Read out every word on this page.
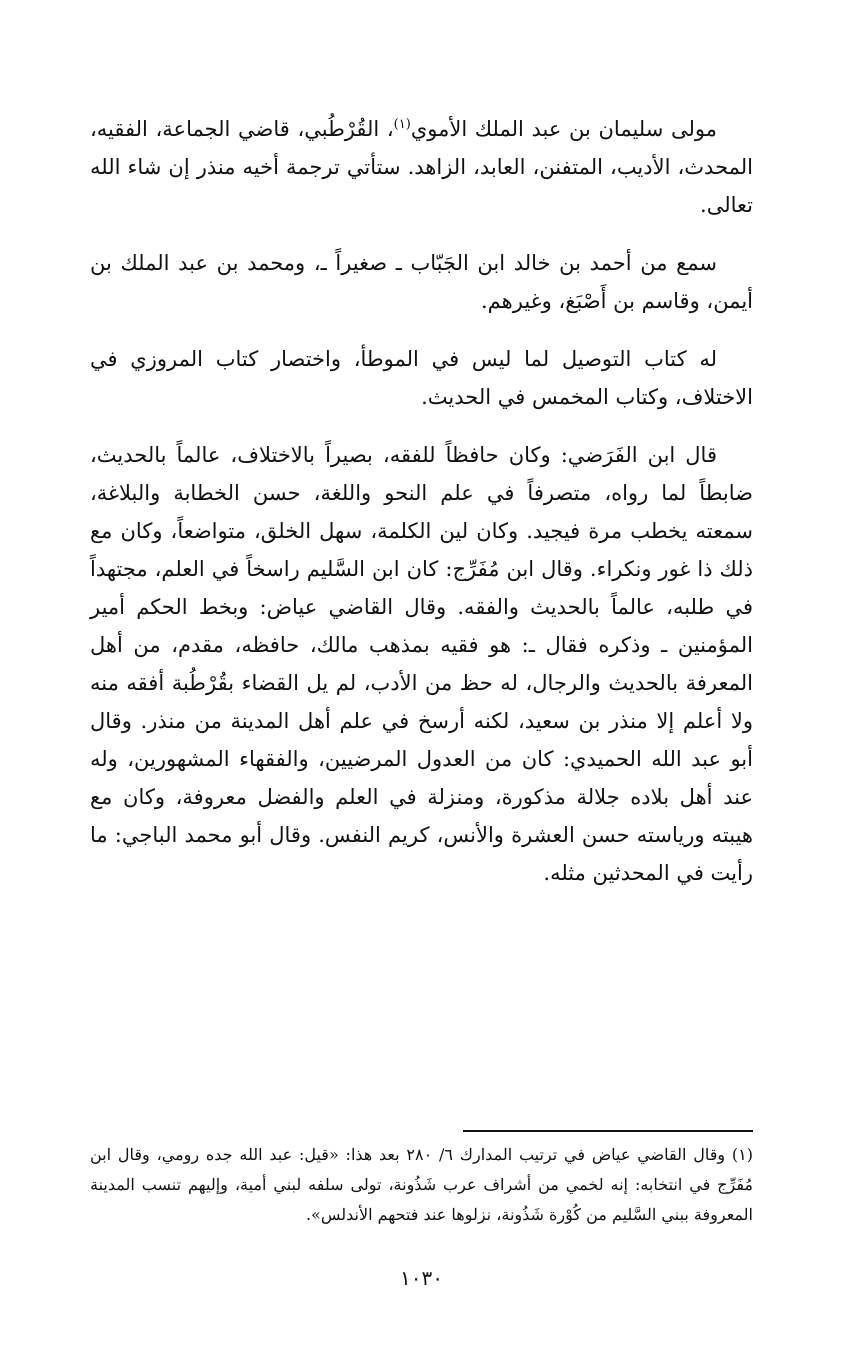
مولى سليمان بن عبد الملك الأموي$^{(١)}$، القُرْطُبي، قاضي الجماعة، الفقيه، المحدث، الأديب، المتفنن، العابد، الزاهد. ستأتي ترجمة أخيه منذر إن شاء الله تعالى.

سمع من أحمد بن خالد ابن الجَبّاب ـ صغيراً ـ، ومحمد بن عبد الملك بن أيمن، وقاسم بن أَصْبَغ، وغيرهم.

له كتاب التوصيل لما ليس في الموطأ، واختصار كتاب المروزي في الاختلاف، وكتاب المخمس في الحديث.

قال ابن الفَرَضي: وكان حافظاً للفقه، بصيراً بالاختلاف، عالماً بالحديث، ضابطاً لما رواه، متصرفاً في علم النحو واللغة، حسن الخطابة والبلاغة، سمعته يخطب مرة فيجيد. وكان لين الكلمة، سهل الخلق، متواضعاً، وكان مع ذلك ذا غور ونكراء. وقال ابن مُفَرِّج: كان ابن السَّليم راسخاً في العلم، مجتهداً في طلبه، عالماً بالحديث والفقه. وقال القاضي عياض: وبخط الحكم أمير المؤمنين ـ وذكره فقال ـ: هو فقيه بمذهب مالك، حافظه، مقدم، من أهل المعرفة بالحديث والرجال، له حظ من الأدب، لم يل القضاء بقُرْطُبة أفقه منه ولا أعلم إلا منذر بن سعيد، لكنه أرسخ في علم أهل المدينة من منذر. وقال أبو عبد الله الحميدي: كان من العدول المرضيين، والفقهاء المشهورين، وله عند أهل بلاده جلالة مذكورة، ومنزلة في العلم والفضل معروفة، وكان مع هيبته ورياسته حسن العشرة والأنس، كريم النفس. وقال أبو محمد الباجي: ما رأيت في المحدثين مثله.

(١) وقال القاضي عياض في ترتيب المدارك ٦/ ٢٨٠ بعد هذا: «قيل: عبد الله جده رومي، وقال ابن مُفَرِّج في انتخابه: إنه لخمي من أشراف عرب شَذُونة، تولى سلفه لبني أمية، وإليهم تنسب المدينة المعروفة ببني السَّليم من كُوْرة شَذُونة، نزلوها عند فتحهم الأندلس».
١٠٣٠
